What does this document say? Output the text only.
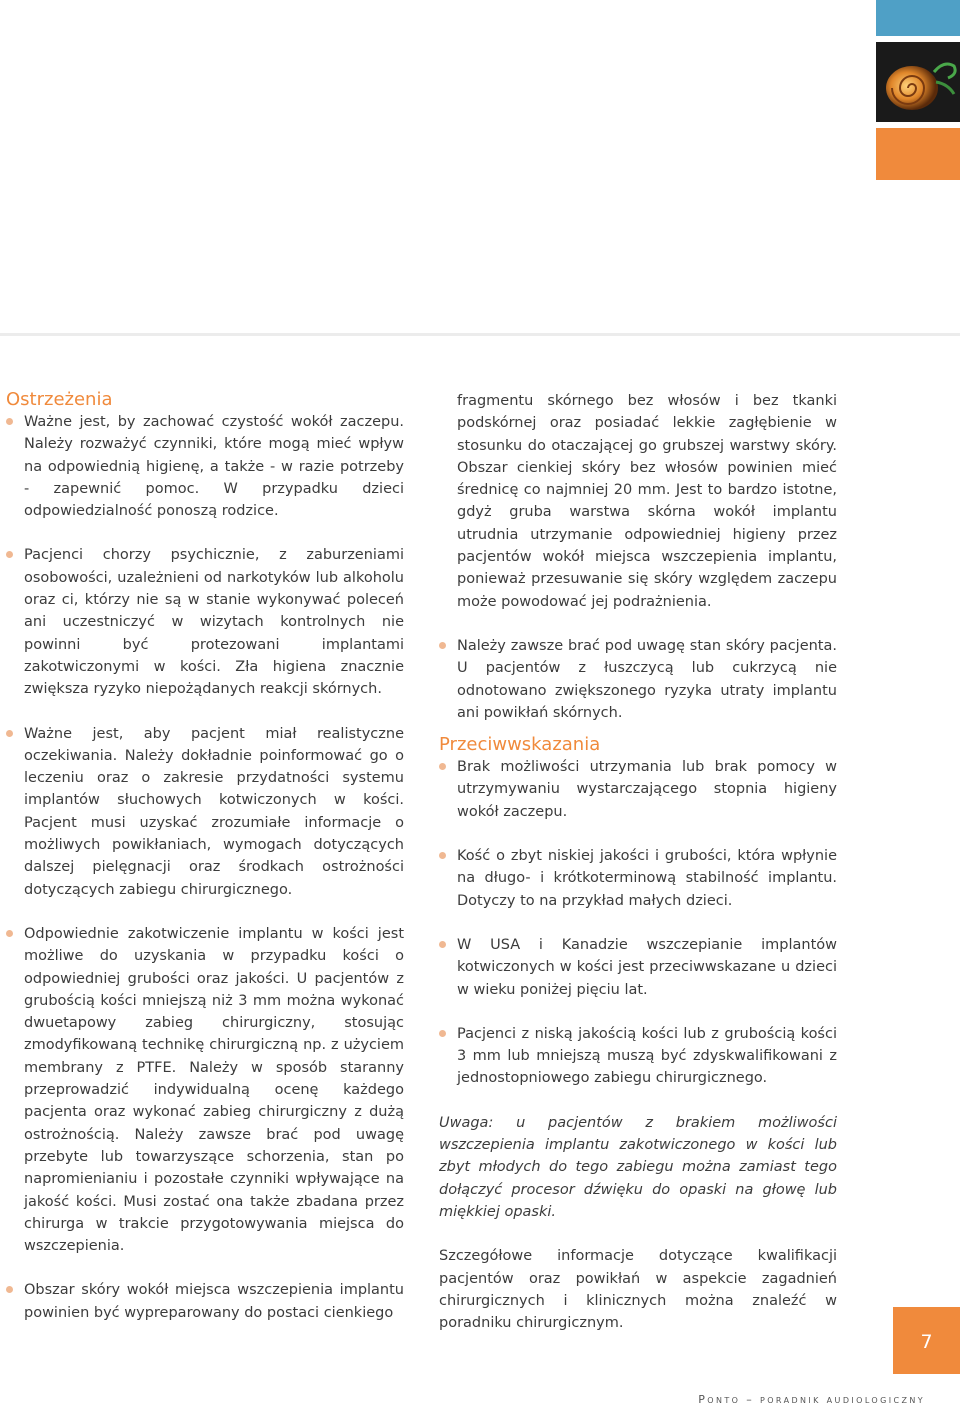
Ostrzeżenia
Ważne jest, by zachować czystość wokół zaczepu. Należy rozważyć czynniki, które mogą mieć wpływ na odpowiednią higienę, a także - w razie potrzeby - zapewnić pomoc. W przypadku dzieci odpowiedzialność ponoszą rodzice.
Pacjenci chorzy psychicznie, z zaburzeniami osobowości, uzależnieni od narkotyków lub alkoholu oraz ci, którzy nie są w stanie wykonywać poleceń ani uczestniczyć w wizytach kontrolnych nie powinni być protezowani implantami zakotwiczonymi w kości. Zła higiena znacznie zwiększa ryzyko niepożądanych reakcji skórnych.
Ważne jest, aby pacjent miał realistyczne oczekiwania. Należy dokładnie poinformować go o leczeniu oraz o zakresie przydatności systemu implantów słuchowych kotwiczonych w kości. Pacjent musi uzyskać zrozumiałe informacje o możliwych powikłaniach, wymogach dotyczących dalszej pielęgnacji oraz środkach ostrożności dotyczących zabiegu chirurgicznego.
Odpowiednie zakotwiczenie implantu w kości jest możliwe do uzyskania w przypadku kości o odpowiedniej grubości oraz jakości. U pacjentów z grubością kości mniejszą niż 3 mm można wykonać dwuetapowy zabieg chirurgiczny, stosując zmodyfikowaną technikę chirurgiczną np. z użyciem membrany z PTFE. Należy w sposób staranny przeprowadzić indywidualną ocenę każdego pacjenta oraz wykonać zabieg chirurgiczny z dużą ostrożnością. Należy zawsze brać pod uwagę przebyte lub towarzyszące schorzenia, stan po napromienianiu i pozostałe czynniki wpływające na jakość kości. Musi zostać ona także zbadana przez chirurga w trakcie przygotowywania miejsca do wszczepienia.
Obszar skóry wokół miejsca wszczepienia implantu powinien być wypreparowany do postaci cienkiego
fragmentu skórnego bez włosów i bez tkanki podskórnej oraz posiadać lekkie zagłębienie w stosunku do otaczającej go grubszej warstwy skóry. Obszar cienkiej skóry bez włosów powinien mieć średnicę co najmniej 20 mm. Jest to bardzo istotne, gdyż gruba warstwa skórna wokół implantu utrudnia utrzymanie odpowiedniej higieny przez pacjentów wokół miejsca wszczepienia implantu, ponieważ przesuwanie się skóry względem zaczepu może powodować jej podrażnienia.
Należy zawsze brać pod uwagę stan skóry pacjenta. U pacjentów z łuszczycą lub cukrzycą nie odnotowano zwiększonego ryzyka utraty implantu ani powikłań skórnych.
Przeciwwskazania
Brak możliwości utrzymania lub brak pomocy w utrzymywaniu wystarczającego stopnia higieny wokół zaczepu.
Kość o zbyt niskiej jakości i grubości, która wpłynie na długo- i krótkoterminową stabilność implantu. Dotyczy to na przykład małych dzieci.
W USA i Kanadzie wszczepianie implantów kotwiczonych w kości jest przeciwwskazane u dzieci w wieku poniżej pięciu lat.
Pacjenci z niską jakością kości lub z grubością kości 3 mm lub mniejszą muszą być zdyskwalifikowani z jednostopniowego zabiegu chirurgicznego.
Uwaga: u pacjentów z brakiem możliwości wszczepienia implantu zakotwiczonego w kości lub zbyt młodych do tego zabiegu można zamiast tego dołączyć procesor dźwięku do opaski na głowę lub miękkiej opaski.
Szczegółowe informacje dotyczące kwalifikacji pacjentów oraz powikłań w aspekcie zagadnień chirurgicznych i klinicznych można znaleźć w poradniku chirurgicznym.
7
Ponto – poradnik audiologiczny
